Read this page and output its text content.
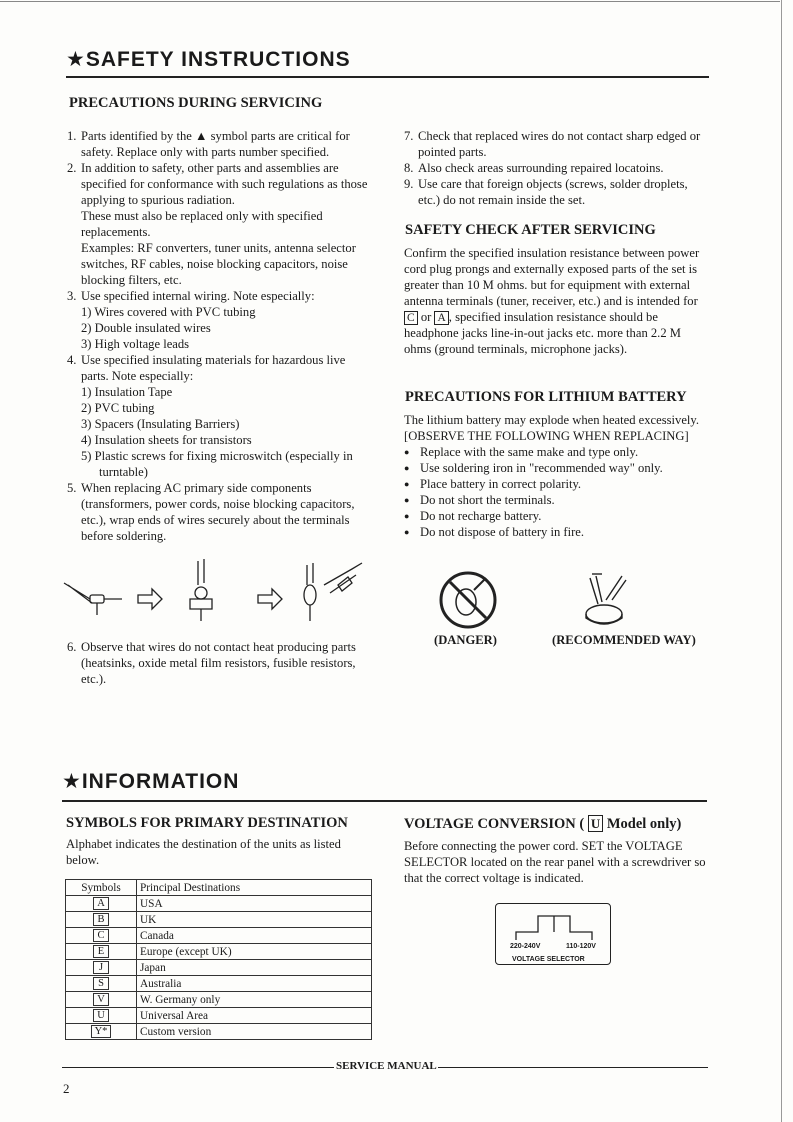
★SAFETY INSTRUCTIONS
PRECAUTIONS DURING SERVICING
1. Parts identified by the ▲ symbol parts are critical for safety. Replace only with parts number specified.
2. In addition to safety, other parts and assemblies are specified for conformance with such regulations as those applying to spurious radiation.
These must also be replaced only with specified replacements.
Examples: RF converters, tuner units, antenna selector switches, RF cables, noise blocking capacitors, noise blocking filters, etc.
3. Use specified internal wiring. Note especially:
1) Wires covered with PVC tubing
2) Double insulated wires
3) High voltage leads
4. Use specified insulating materials for hazardous live parts. Note especially:
1) Insulation Tape
2) PVC tubing
3) Spacers (Insulating Barriers)
4) Insulation sheets for transistors
5) Plastic screws for fixing microswitch (especially in turntable)
5. When replacing AC primary side components (transformers, power cords, noise blocking capacitors, etc.), wrap ends of wires securely about the terminals before soldering.
6. Observe that wires do not contact heat producing parts (heatsinks, oxide metal film resistors, fusible resistors, etc.).
7. Check that replaced wires do not contact sharp edged or pointed parts.
8. Also check areas surrounding repaired locatoins.
9. Use care that foreign objects (screws, solder droplets, etc.) do not remain inside the set.
SAFETY CHECK AFTER SERVICING
Confirm the specified insulation resistance between power cord plug prongs and externally exposed parts of the set is greater than 10 M ohms. but for equipment with external antenna terminals (tuner, receiver, etc.) and is intended for C or A , specified insulation resistance should be headphone jacks line-in-out jacks etc. more than 2.2 M ohms (ground terminals, microphone jacks).
PRECAUTIONS FOR LITHIUM BATTERY
The lithium battery may explode when heated excessively.
[OBSERVE THE FOLLOWING WHEN REPLACING]
● Replace with the same make and type only.
● Use soldering iron in "recommended way" only.
● Place battery in correct polarity.
● Do not short the terminals.
● Do not recharge battery.
● Do not dispose of battery in fire.
(DANGER)	(RECOMMENDED WAY)
★INFORMATION
SYMBOLS FOR PRIMARY DESTINATION
Alphabet indicates the destination of the units as listed below.
Symbols	Principal Destinations
A	USA
B	UK
C	Canada
E	Europe (except UK)
J	Japan
S	Australia
V	W. Germany only
U	Universal Area
Y*	Custom version
VOLTAGE CONVERSION ( U Model only)
Before connecting the power cord. SET the VOLTAGE SELECTOR located on the rear panel with a screwdriver so that the correct voltage is indicated.
220-240V	110-120V
VOLTAGE SELECTOR
SERVICE MANUAL
2
